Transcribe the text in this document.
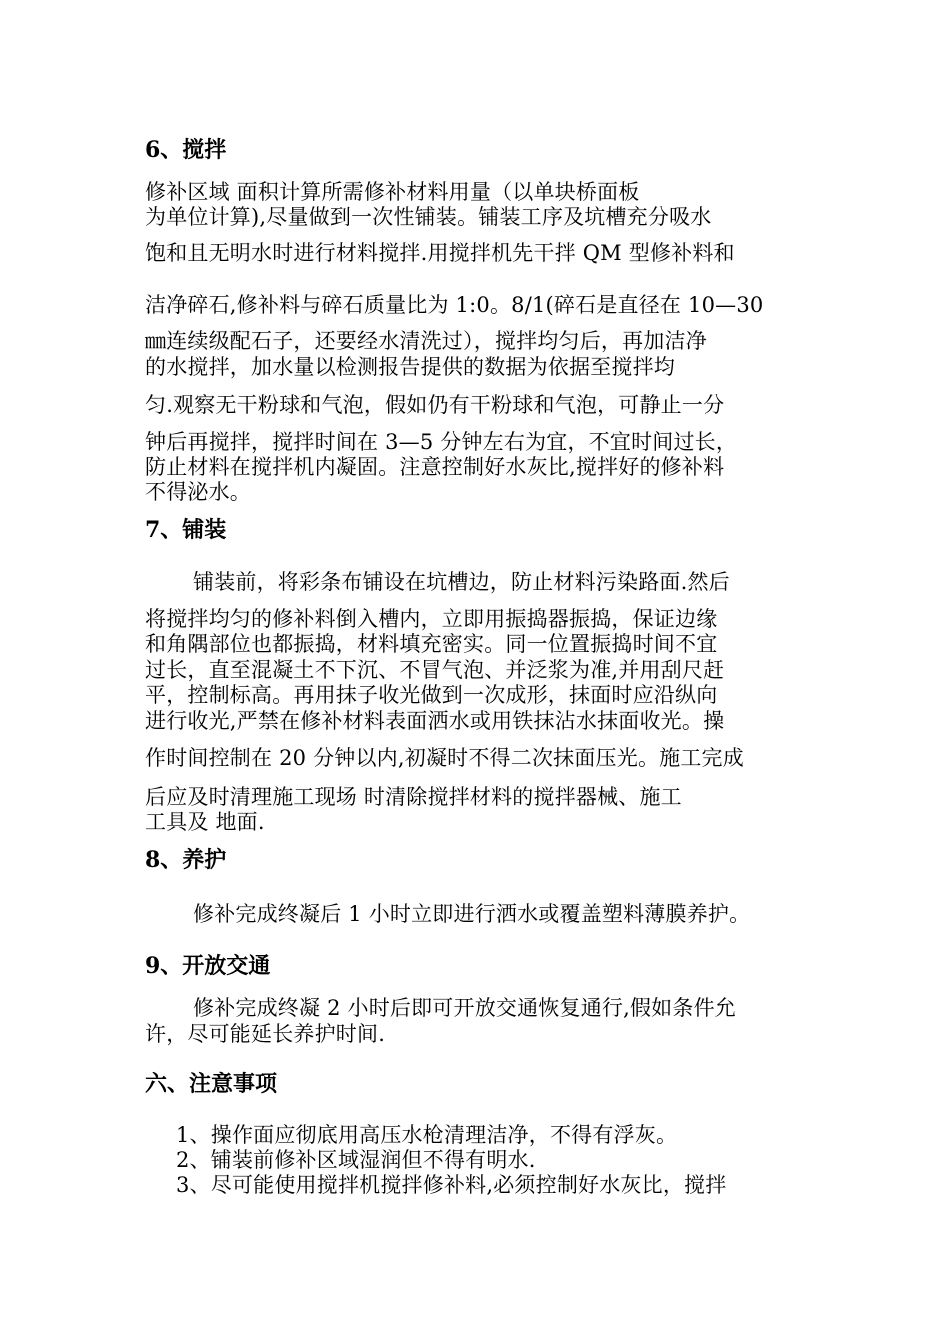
6、搅拌
修补区域 面积计算所需修补材料用量（以单块桥面板
为单位计算),尽量做到一次性铺装。铺装工序及坑槽充分吸水
饱和且无明水时进行材料搅拌.用搅拌机先干拌 QM 型修补料和
洁净碎石,修补料与碎石质量比为 1:0。8/1(碎石是直径在 10—30
㎜连续级配石子，还要经水清洗过），搅拌均匀后，再加洁净
的水搅拌，加水量以检测报告提供的数据为依据至搅拌均
匀.观察无干粉球和气泡，假如仍有干粉球和气泡，可静止一分
钟后再搅拌，搅拌时间在 3—5 分钟左右为宜，不宜时间过长，
防止材料在搅拌机内凝固。注意控制好水灰比,搅拌好的修补料
不得泌水。
7、铺装
铺装前，将彩条布铺设在坑槽边，防止材料污染路面.然后
将搅拌均匀的修补料倒入槽内，立即用振捣器振捣，保证边缘
和角隅部位也都振捣，材料填充密实。同一位置振捣时间不宜
过长，直至混凝土不下沉、不冒气泡、并泛浆为准,并用刮尺赶
平，控制标高。再用抹子收光做到一次成形，抹面时应沿纵向
进行收光,严禁在修补材料表面洒水或用铁抹沾水抹面收光。操
作时间控制在 20 分钟以内,初凝时不得二次抹面压光。施工完成
后应及时清理施工现场 时清除搅拌材料的搅拌器械、施工
工具及 地面.
8、养护
修补完成终凝后 1 小时立即进行洒水或覆盖塑料薄膜养护。
9、开放交通
修补完成终凝 2 小时后即可开放交通恢复通行,假如条件允
许，尽可能延长养护时间.
六、注意事项
1、操作面应彻底用高压水枪清理洁净，不得有浮灰。
2、铺装前修补区域湿润但不得有明水.
3、尽可能使用搅拌机搅拌修补料,必须控制好水灰比，搅拌
